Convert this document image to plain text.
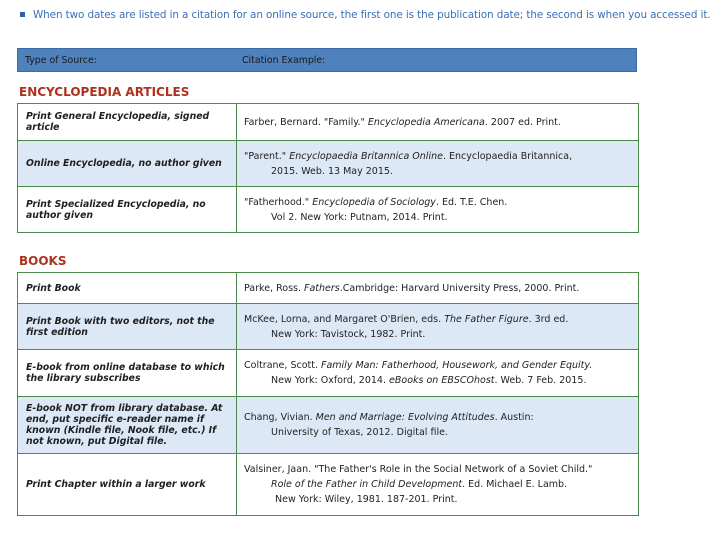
When two dates are listed in a citation for an online source, the first one is the publication date; the second is when you accessed it.
Type of Source:	Citation Example:
ENCYCLOPEDIA ARTICLES
Print General Encyclopedia, signed article	Farber, Bernard. "Family." Encyclopedia Americana. 2007 ed. Print.
Online Encyclopedia, no author given	"Parent." Encyclopaedia Britannica Online. Encyclopaedia Britannica,
2015. Web. 13 May 2015.

Print Specialized Encyclopedia, no author given	"Fatherhood." Encyclopedia of Sociology. Ed. T.E. Chen.
Vol 2. New York: Putnam, 2014. Print.
BOOKS
Print Book	Parke, Ross. Fathers.Cambridge: Harvard University Press, 2000. Print.
Print Book with two editors, not the first edition	McKee, Lorna, and Margaret O'Brien, eds. The Father Figure. 3rd ed.
New York: Tavistock, 1982. Print.

E-book from online database to which the library subscribes	Coltrane, Scott. Family Man: Fatherhood, Housework, and Gender Equity.
New York: Oxford, 2014. eBooks on EBSCOhost. Web. 7 Feb. 2015.

E-book NOT from library database. At end, put specific e-reader name if known (Kindle file, Nook file, etc.) If not known, put Digital file.	Chang, Vivian. Men and Marriage: Evolving Attitudes. Austin:
University of Texas, 2012. Digital file.

Print Chapter within a larger work	Valsiner, Jaan. "The Father's Role in the Social Network of a Soviet Child."
Role of the Father in Child Development. Ed. Michael E. Lamb.
New York: Wiley, 1981. 187-201. Print.
